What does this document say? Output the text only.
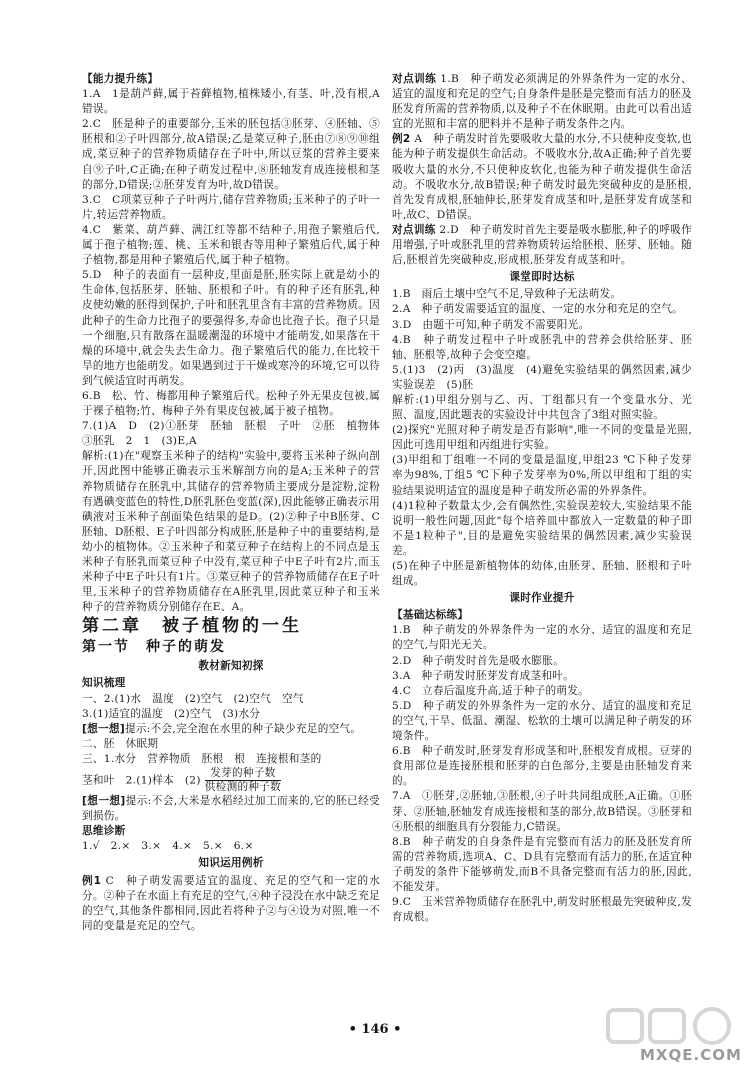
【能力提升练】

1.A　1是葫芦藓,属于苔藓植物,植株矮小,有茎、叶,没有根,A错误。

2.C　胚是种子的重要部分,玉米的胚包括③胚芽、④胚轴、⑤胚根和②子叶四部分,故A错误;乙是菜豆种子,胚由⑦⑧⑨⑩组成,菜豆种子的营养物质储存在子叶中,所以豆浆的营养主要来自⑨子叶,C正确;在种子萌发过程中,⑧胚轴发育成连接根和茎的部分,D错误;②胚芽发育为叶,故D错误。

3.C　C项菜豆种子子叶两片,储存营养物质;玉米种子的子叶一片,转运营养物质。

4.C　紫菜、葫芦藓、满江红等都不结种子,用孢子繁殖后代,属于孢子植物;莲、桃、玉米和银杏等用种子繁殖后代,属于种子植物,都是用种子繁殖后代,属于种子植物。

5.D　种子的表面有一层种皮,里面是胚,胚实际上就是幼小的生命体,包括胚芽、胚轴、胚根和子叶。有的种子还有胚乳,种皮使幼嫩的胚得到保护,子叶和胚乳里含有丰富的营养物质。因此种子的生命力比孢子的要强得多,寿命也比孢子长。孢子只是一个细胞,只有散落在温暖潮湿的环境中才能萌发,如果落在干燥的环境中,就会失去生命力。孢子繁殖后代的能力,在比较干旱的地方也能萌发。如果遇到过于干燥或寒冷的环境,它可以待到气候适宜时再萌发。

6.B　松、竹、梅都用种子繁殖后代。松种子外无果皮包被,属于裸子植物;竹、梅种子外有果皮包被,属于被子植物。

7.(1)A　D　(2)①胚芽　胚轴　胚根　子叶　②胚　植物体　③胚乳　2　1　(3)E,A

解析:(1)在"观察玉米种子的结构"实验中,要将玉米种子纵向剖开,因此图中能够正确表示玉米解剖方向的是A;玉米种子的营养物质储存在胚乳中,其储存的营养物质主要成分是淀粉,淀粉有遇碘变蓝色的特性,D胚乳胚色变蓝(深),因此能够正确表示用碘液对玉米种子剖面染色结果的是D。(2)②种子中B胚芽、C胚轴、D胚根、E子叶四部分构成胚,胚是种子中的重要结构,是幼小的植物体。②玉米种子和菜豆种子在结构上的不同点是玉米种子有胚乳而菜豆种子中没有,菜豆种子中E子叶有2片,而玉米种子中E子叶只有1片。③菜豆种子的营养物质储存在E子叶里,玉米种子的营养物质储存在A胚乳里,因此菜豆种子和玉米种子的营养物质分别储存在E、A。

第二章　被子植物的一生

第一节　种子的萌发

教材新知初探

知识梳理

一、2.(1)水　温度　(2)空气　(2)空气　空气

3.(1)适宜的温度　(2)空气　(3)水分

[想一想]提示:不会,完全泡在水里的种子缺少充足的空气。

二、胚　休眠期

三、1.水分　营养物质　胚根　根　连接根和茎的

茎和叶　2.(1)样本　$(2) \frac{\text{发芽的种子数}}{\text{供检测的种子数}}$

[想一想]提示:不会,大米是水稻经过加工而来的,它的胚已经受到损伤。

思维诊断

1.√　2.×　3.×　4.×　5.×　6.×

知识运用例析

例1 C　种子萌发需要适宜的温度、充足的空气和一定的水分。②种子在水面上有充足的空气,④种子浸没在水中缺乏充足的空气,其他条件都相同,因此若将种子②与④设为对照,唯一不同的变量是充足的空气。

对点训练 1.B　种子萌发必须满足的外界条件为一定的水分、适宜的温度和充足的空气;自身条件是胚是完整而有活力的胚及胚发育所需的营养物质,以及种子不在休眠期。由此可以看出适宜的光照和丰富的肥料并不是种子萌发条件之内。

例2 A　种子萌发时首先要吸收大量的水分,不只使种皮变软,也能为种子萌发提供生命活动。不吸收水分,故A正确;种子首先要吸收大量的水分,不只使种皮软化,也能为种子萌发提供生命活动。不吸收水分,故B错误;种子萌发时最先突破种皮的是胚根,首先发育成根,胚轴伸长,胚芽发育成茎和叶,是胚芽发育成茎和叶,故C、D错误。

对点训练 2.D　种子萌发时首先主要是吸水膨胀,种子的呼吸作用增强,子叶或胚乳里的营养物质转运给胚根、胚芽、胚轴。随后,胚根首先突破种皮,形成根,胚芽发育成茎和叶。

课堂即时达标

1.B　雨后土壤中空气不足,导致种子无法萌发。

2.A　种子萌发需要适宜的温度、一定的水分和充足的空气。

3.D　由题干可知,种子萌发不需要阳光。

4.B　种子萌发过程中子叶或胚乳中的营养会供给胚芽、胚轴、胚根等,故种子会变空瘪。

5.(1)3　(2)丙　(3)温度　(4)避免实验结果的偶然因素,减少实验误差　(5)胚

解析:(1)甲组分别与乙、丙、丁组都只有一个变量水分、光照、温度,因此题表的实验设计中共包含了3组对照实验。

(2)探究"光照对种子萌发是否有影响",唯一不同的变量是光照,因此可选用甲组和丙组进行实验。

(3)甲组和丁组唯一不同的变量是温度,甲组23 ℃下种子发芽率为98%,丁组5 ℃下种子发芽率为0%,所以甲组和丁组的实验结果说明适宜的温度是种子萌发所必需的外界条件。

(4)1粒种子数量太少,会有偶然性,实验误差较大,实验结果不能说明一般性问题,因此"每个培养皿中都放入一定数量的种子即不是1粒种子",目的是避免实验结果的偶然因素,减少实验误差。

(5)在种子中胚是新植物体的幼体,由胚芽、胚轴、胚根和子叶组成。

课时作业提升

【基础达标练】

1.B　种子萌发的外界条件为一定的水分、适宜的温度和充足的空气,与阳光无关。

2.D　种子萌发时首先是吸水膨胀。

3.A　种子萌发时胚芽发育成茎和叶。

4.C　立春后温度升高,适于种子的萌发。

5.D　种子萌发的外界条件为一定的水分、适宜的温度和充足的空气,干旱、低温、潮湿、松软的土壤可以满足种子萌发的环境条件。

6.B　种子萌发时,胚芽发育形成茎和叶,胚根发育成根。豆芽的食用部位是连接胚根和胚芽的白色部分,主要是由胚轴发育来的。

7.A　①胚芽,②胚轴,③胚根,④子叶共同组成胚,A正确。①胚芽、②胚轴,胚轴发育成连接根和茎的部分,故B错误。③胚芽和④胚根的细胞具有分裂能力,C错误。

8.B　种子萌发的自身条件是有完整而有活力的胚及胚发育所需的营养物质,选项A、C、D具有完整而有活力的胚,在适宜种子萌发的条件下能够萌发,而B不具备完整而有活力的胚,因此,不能发芽。

9.C　玉米营养物质储存在胚乳中,萌发时胚根最先突破种皮,发育成根。

• 146 •
MXQE.COM
